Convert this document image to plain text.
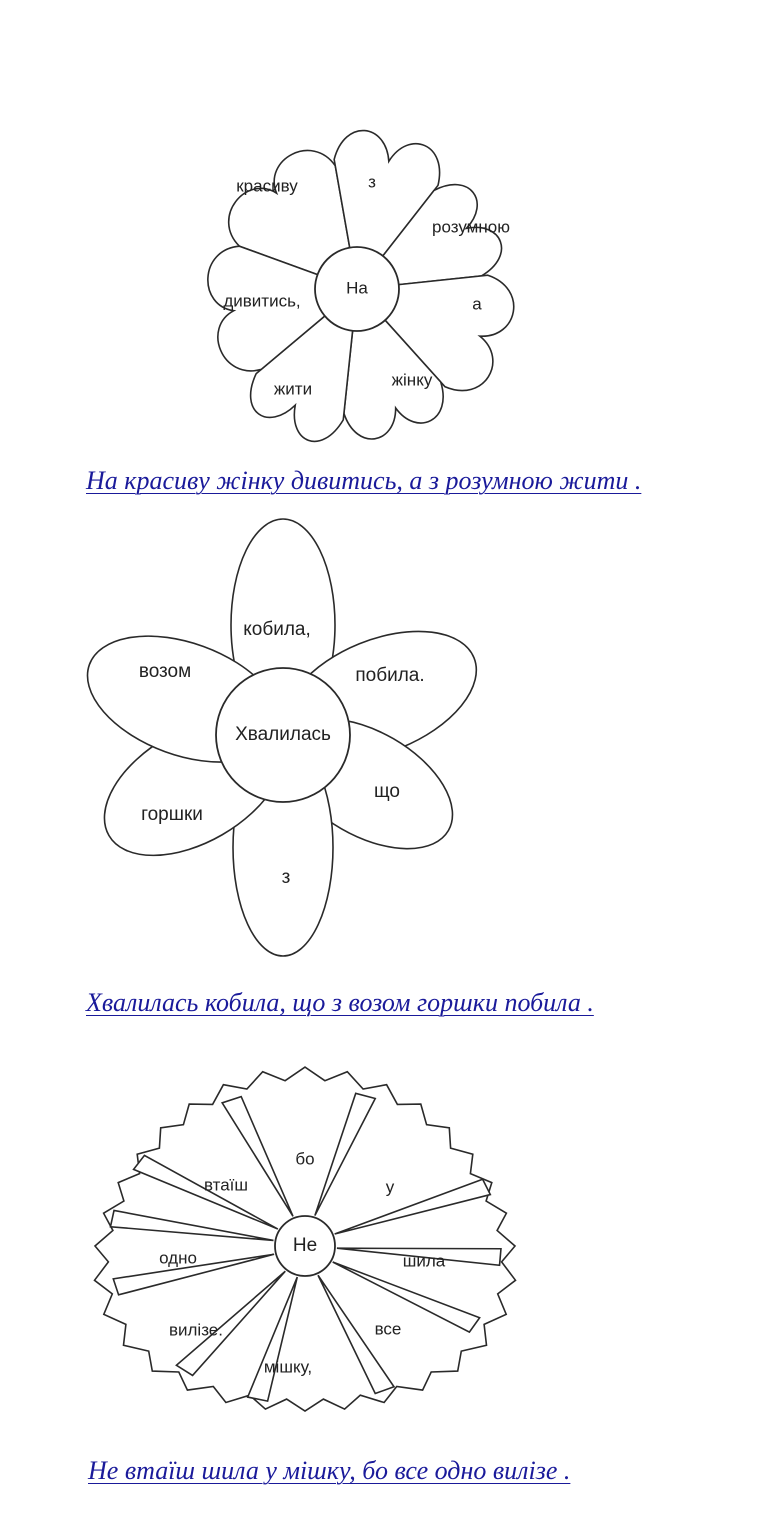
красиву	з
розумною
а
жінку
жити
дивитись,
На
кобила,
побила.
що
з
горшки
возом
Хвалилась
бо
у
шила
все
мішку,
вилізе.
одно
втаїш
Не
На красиву жінку дивитись, а з розумною жити .
Хвалилась кобила, що з возом горшки побила .
Не втаїш шила у мішку, бо все одно вилізе .
